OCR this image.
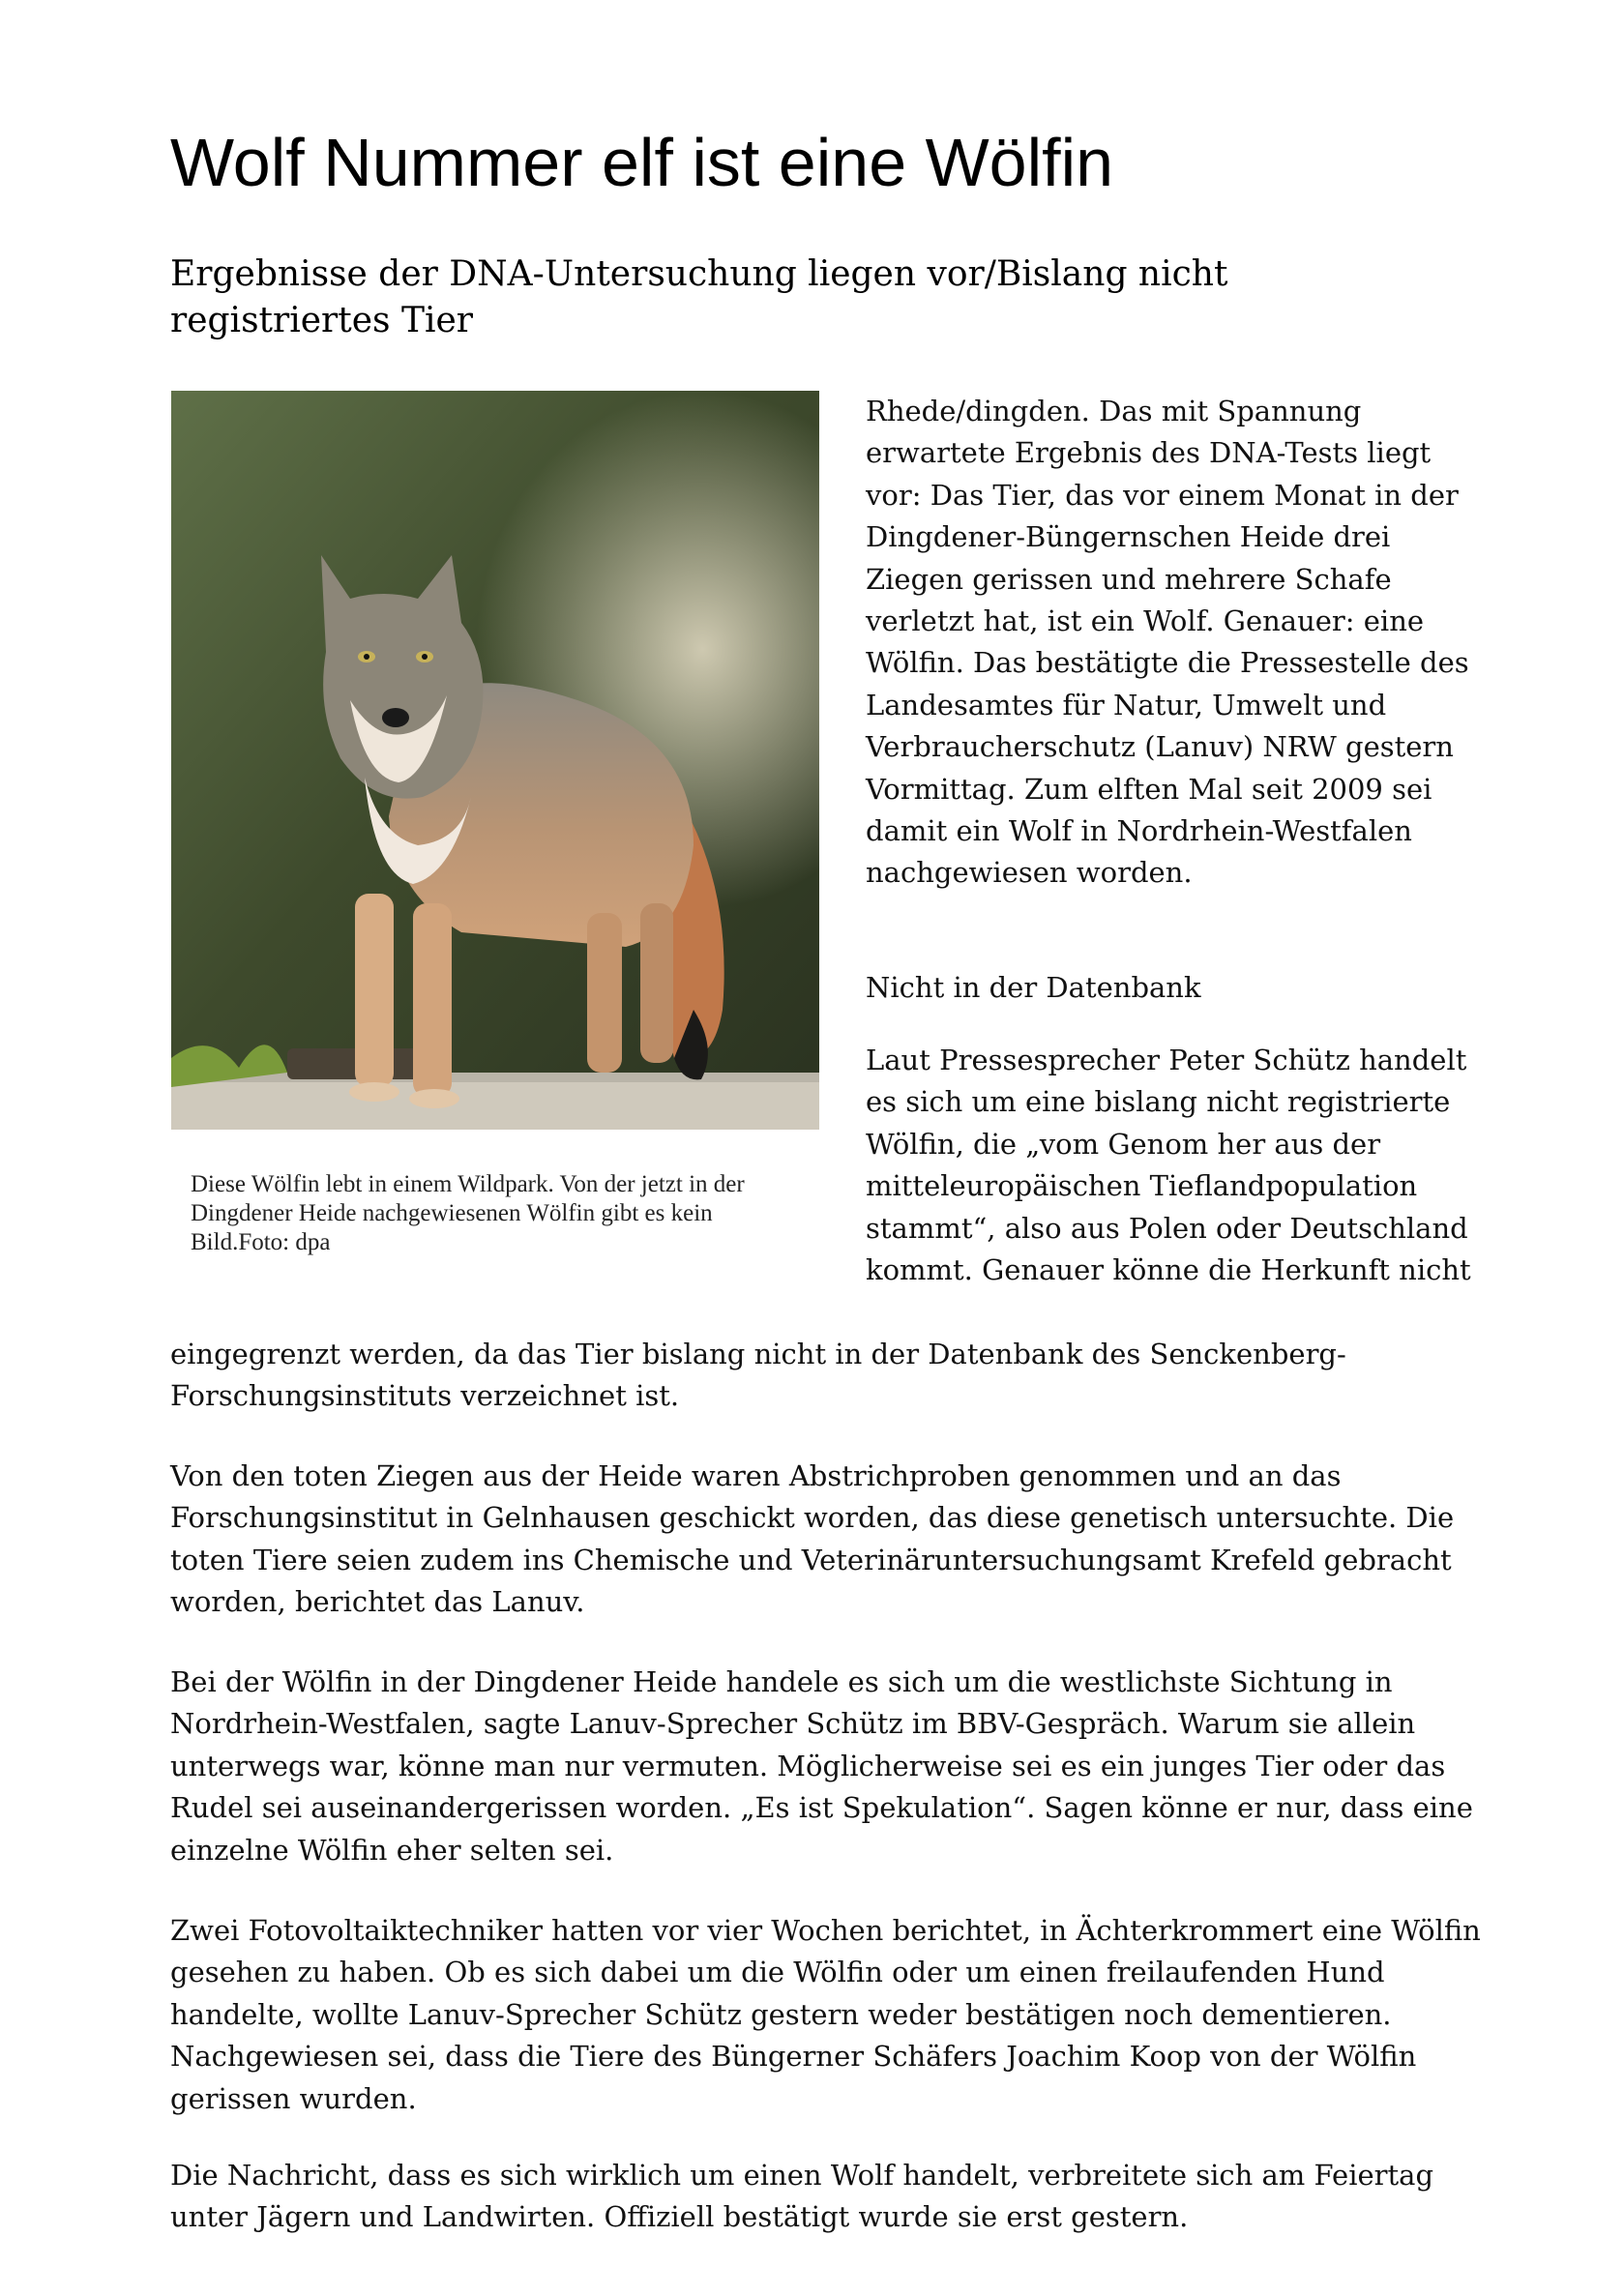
Wolf Nummer elf ist eine Wölfin
Ergebnisse der DNA-Untersuchung liegen vor/Bislang nicht registriertes Tier

Diese Wölfin lebt in einem Wildpark. Von der jetzt in der Dingdener Heide nachgewiesenen Wölfin gibt es kein Bild.Foto: dpa

Rhede/dingden. Das mit Spannung erwartete Ergebnis des DNA-Tests liegt vor: Das Tier, das vor einem Monat in der Dingdener-Büngernschen Heide drei Ziegen gerissen und mehrere Schafe verletzt hat, ist ein Wolf. Genauer: eine Wölfin. Das bestätigte die Pressestelle des Landesamtes für Natur, Umwelt und Verbraucherschutz (Lanuv) NRW gestern Vormittag. Zum elften Mal seit 2009 sei damit ein Wolf in Nordrhein-Westfalen nachgewiesen worden.

Nicht in der Datenbank

Laut Pressesprecher Peter Schütz handelt es sich um eine bislang nicht registrierte Wölfin, die „vom Genom her aus der mitteleuropäischen Tieflandpopulation stammt“, also aus Polen oder Deutschland kommt. Genauer könne die Herkunft nicht

eingegrenzt werden, da das Tier bislang nicht in der Datenbank des Senckenberg-Forschungsinstituts verzeichnet ist.

Von den toten Ziegen aus der Heide waren Abstrichproben genommen und an das Forschungsinstitut in Gelnhausen geschickt worden, das diese genetisch untersuchte. Die toten Tiere seien zudem ins Chemische und Veterinäruntersuchungsamt Krefeld gebracht worden, berichtet das Lanuv.

Bei der Wölfin in der Dingdener Heide handele es sich um die westlichste Sichtung in Nordrhein-Westfalen, sagte Lanuv-Sprecher Schütz im BBV-Gespräch. Warum sie allein unterwegs war, könne man nur vermuten. Möglicherweise sei es ein junges Tier oder das Rudel sei auseinandergerissen worden. „Es ist Spekulation“. Sagen könne er nur, dass eine einzelne Wölfin eher selten sei.

Zwei Fotovoltaiktechniker hatten vor vier Wochen berichtet, in Ächterkrommert eine Wölfin gesehen zu haben. Ob es sich dabei um die Wölfin oder um einen freilaufenden Hund handelte, wollte Lanuv-Sprecher Schütz gestern weder bestätigen noch dementieren. Nachgewiesen sei, dass die Tiere des Büngerner Schäfers Joachim Koop von der Wölfin gerissen wurden.

Die Nachricht, dass es sich wirklich um einen Wolf handelt, verbreitete sich am Feiertag unter Jägern und Landwirten. Offiziell bestätigt wurde sie erst gestern.
